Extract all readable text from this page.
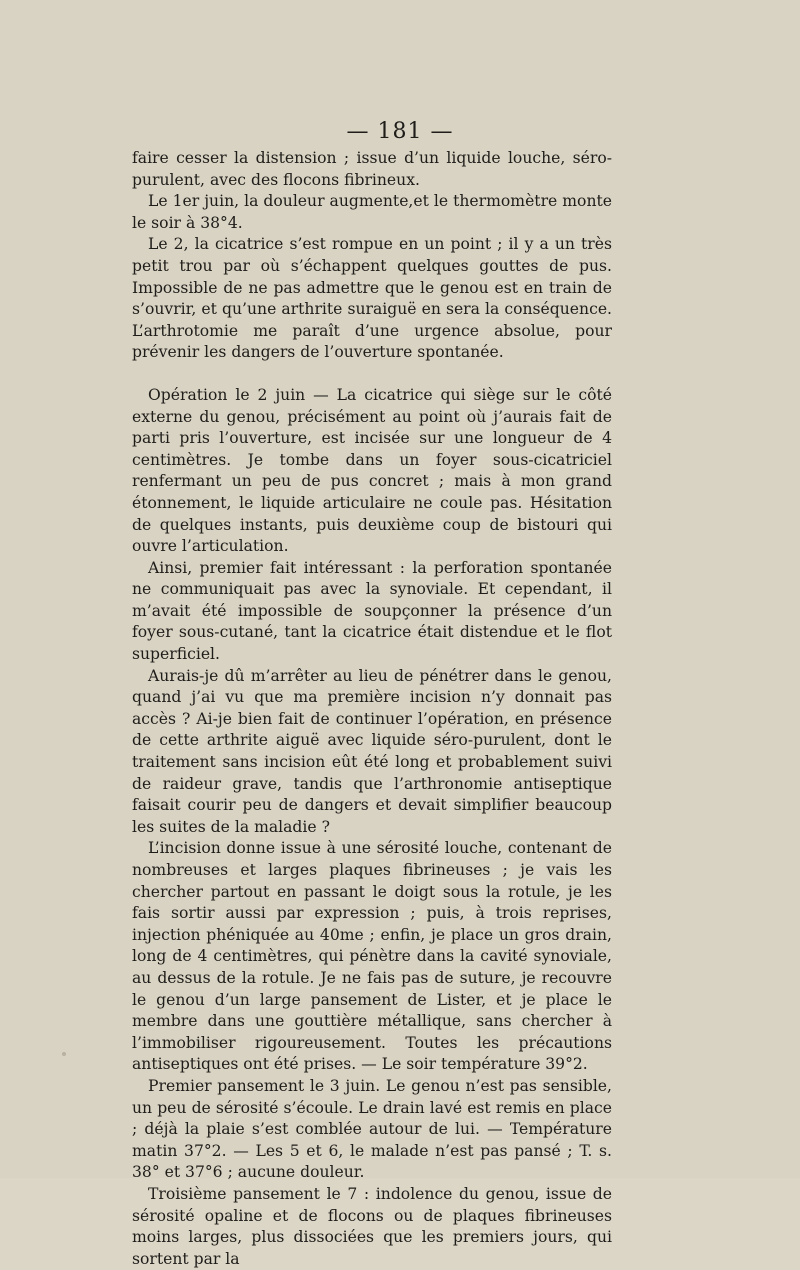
— 181 —

faire cesser la distension ; issue d’un liquide louche, séro-purulent, avec des flocons fibrineux.

Le 1er juin, la douleur augmente,et le thermomètre monte le soir à 38°4.

Le 2, la cicatrice s’est rompue en un point ; il y a un très petit trou par où s’échappent quelques gouttes de pus. Impossible de ne pas admettre que le genou est en train de s’ouvrir, et qu’une arthrite suraiguë en sera la conséquence. L’arthrotomie me paraît d’une urgence absolue, pour prévenir les dangers de l’ouverture spontanée.

Opération le 2 juin — La cicatrice qui siège sur le côté externe du genou, précisément au point où j’aurais fait de parti pris l’ouverture, est incisée sur une longueur de 4 centimètres. Je tombe dans un foyer sous-cicatriciel renfermant un peu de pus concret ; mais à mon grand étonnement, le liquide articulaire ne coule pas. Hésitation de quelques instants, puis deuxième coup de bistouri qui ouvre l’articulation.

Ainsi, premier fait intéressant : la perforation spontanée ne communiquait pas avec la synoviale. Et cependant, il m’avait été impossible de soupçonner la présence d’un foyer sous-cutané, tant la cicatrice était distendue et le flot superficiel.

Aurais-je dû m’arrêter au lieu de pénétrer dans le genou, quand j’ai vu que ma première incision n’y donnait pas accès ? Ai-je bien fait de continuer l’opération, en présence de cette arthrite aiguë avec liquide séro-purulent, dont le traitement sans incision eût été long et probablement suivi de raideur grave, tandis que l’arthronomie antiseptique faisait courir peu de dangers et devait simplifier beaucoup les suites de la maladie ?

L’incision donne issue à une sérosité louche, contenant de nombreuses et larges plaques fibrineuses ; je vais les chercher partout en passant le doigt sous la rotule, je les fais sortir aussi par expression ; puis, à trois reprises, injection phéniquée au 40me ; enfin, je place un gros drain, long de 4 centimètres, qui pénètre dans la cavité synoviale, au dessus de la rotule. Je ne fais pas de suture, je recouvre le genou d’un large pansement de Lister, et je place le membre dans une gouttière métallique, sans chercher à l’immobiliser rigoureusement. Toutes les précautions antiseptiques ont été prises. — Le soir température 39°2.

Premier pansement le 3 juin. Le genou n’est pas sensible, un peu de sérosité s’écoule. Le drain lavé est remis en place ; déjà la plaie s’est comblée autour de lui. — Température matin 37°2. — Les 5 et 6, le malade n’est pas pansé ; T. s. 38° et 37°6 ; aucune douleur.

Troisième pansement le 7 : indolence du genou, issue de sérosité opaline et de flocons ou de plaques fibrineuses moins larges, plus dissociées que les premiers jours, qui sortent par la
